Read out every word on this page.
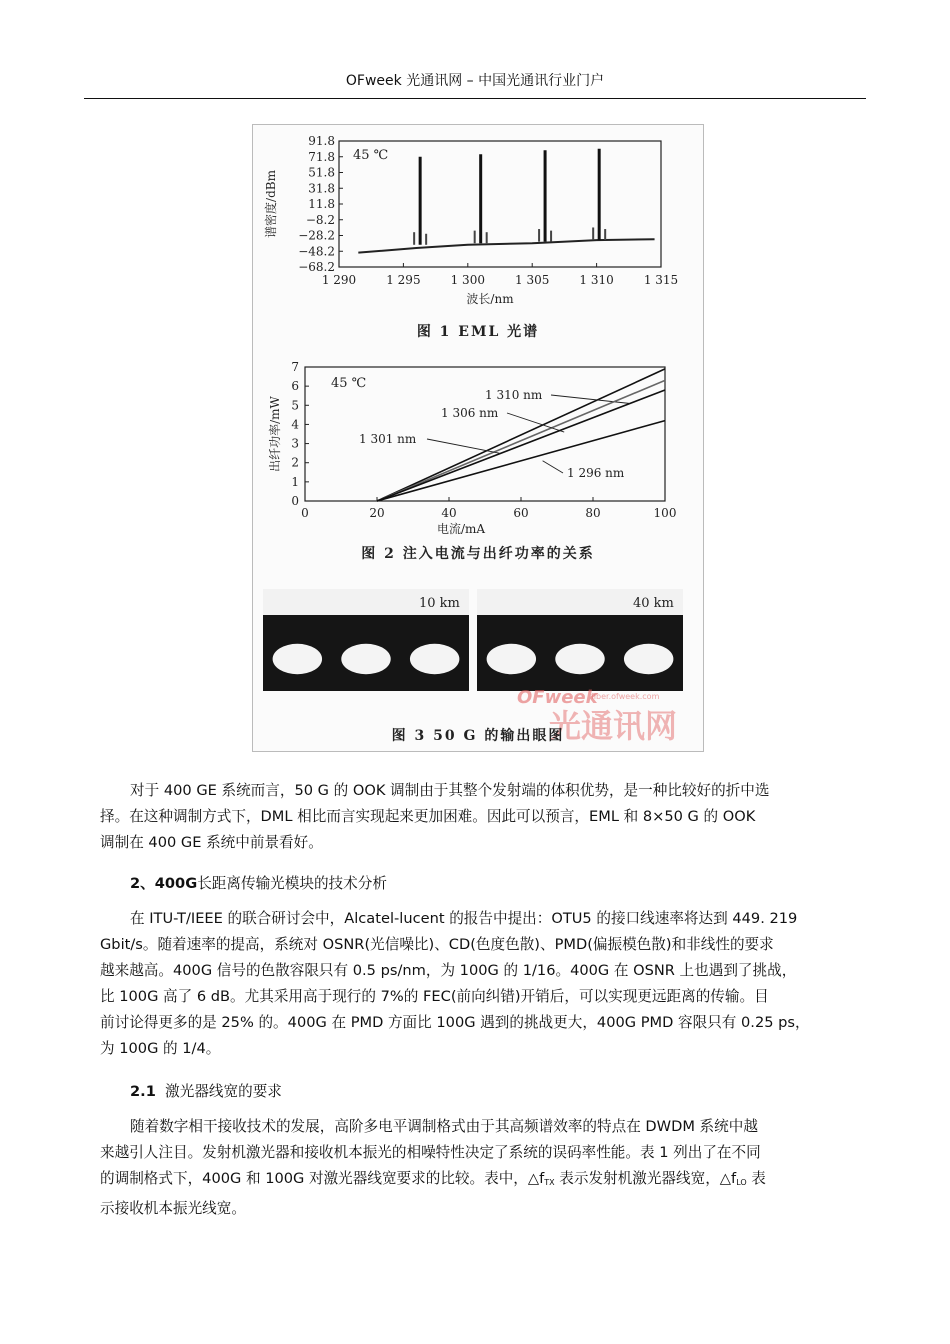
OFweek 光通讯网 – 中国光通讯行业门户
91.8
71.8
51.8
31.8
11.8
−8.2
−28.2
−48.2
−68.2
1 290	1 295	1 300	1 305	1 310	1 315
波长/nm
谱密度/dBm
45 ℃
0
1
2
3
4
5
6
7
0	20	40	60	80	100
电流/mA
出纤功率/mW
45 ℃
1 310 nm
1 306 nm
1 301 nm
1 296 nm
10 km	40 km
OFweek
fiber.ofweek.com
光通讯网
图 1 EML 光谱
图 2 注入电流与出纤功率的关系
图 3 50 G 的输出眼图
对于 400 GE 系统而言，50 G 的 OOK 调制由于其整个发射端的体积优势，是一种比较好的折中选
择。在这种调制方式下，DML 相比而言实现起来更加困难。因此可以预言，EML 和 8×50 G 的 OOK
调制在 400 GE 系统中前景看好。
2、400G长距离传输光模块的技术分析
在 ITU-T/IEEE 的联合研讨会中，Alcatel-lucent 的报告中提出：OTU5 的接口线速率将达到 449. 219
Gbit/s。随着速率的提高，系统对 OSNR(光信噪比)、CD(色度色散)、PMD(偏振模色散)和非线性的要求
越来越高。400G 信号的色散容限只有 0.5 ps/nm，为 100G 的 1/16。400G 在 OSNR 上也遇到了挑战，
比 100G 高了 6 dB。尤其采用高于现行的 7%的 FEC(前向纠错)开销后，可以实现更远距离的传输。目
前讨论得更多的是 25% 的。400G 在 PMD 方面比 100G 遇到的挑战更大，400G PMD 容限只有 0.25 ps，
为 100G 的 1/4。
2.1 激光器线宽的要求
随着数字相干接收技术的发展，高阶多电平调制格式由于其高频谱效率的特点在 DWDM 系统中越
来越引人注目。发射机激光器和接收机本振光的相噪特性决定了系统的误码率性能。表 1 列出了在不同
的调制格式下，400G 和 100G 对激光器线宽要求的比较。表中，$\triangle f_{TX}$ 表示发射机激光器线宽，$\triangle f_{LO}$ 表
示接收机本振光线宽。
